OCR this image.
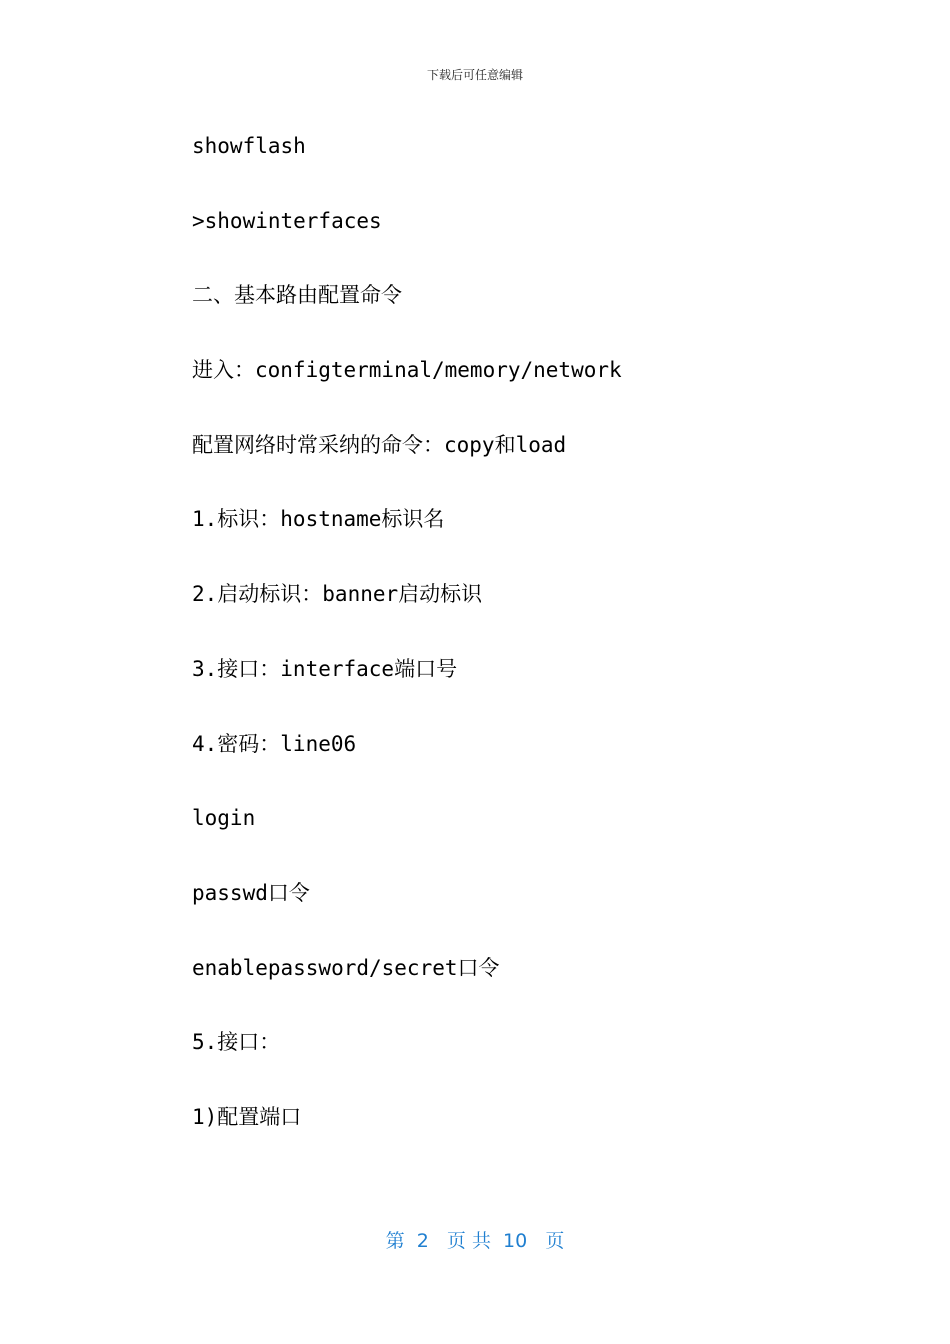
下载后可任意编辑
showflash
>showinterfaces
二、基本路由配置命令
进入：configterminal/memory/network
配置网络时常采纳的命令：copy和load
1.标识：hostname标识名
2.启动标识：banner启动标识
3.接口：interface端口号
4.密码：line06
login
passwd口令
enablepassword/secret口令
5.接口：
1)配置端口
第  2   页 共  10   页
